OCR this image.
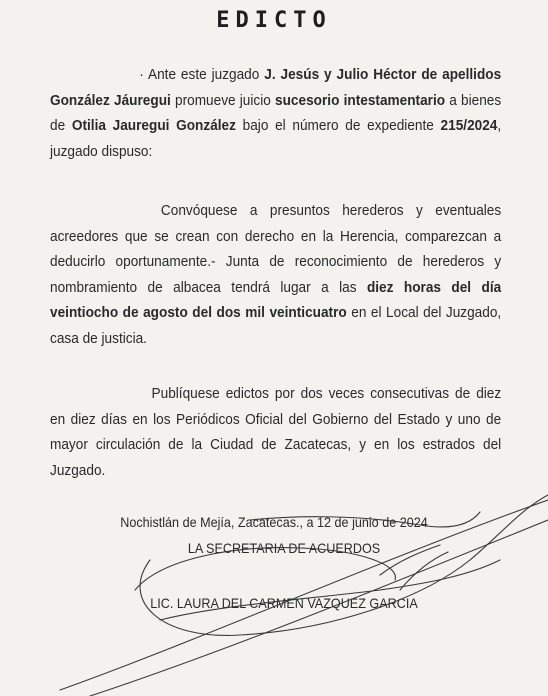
EDICTO
· Ante este juzgado J. Jesús y Julio Héctor de apellidos González Jáuregui promueve juicio sucesorio intestamentario a bienes de Otilia Jauregui González bajo el número de expediente 215/2024, juzgado dispuso:
Convóquese a presuntos herederos y eventuales acreedores que se crean con derecho en la Herencia, comparezcan a deducirlo oportunamente.- Junta de reconocimiento de herederos y nombramiento de albacea tendrá lugar a las diez horas del día veintiocho de agosto del dos mil veinticuatro en el Local del Juzgado, casa de justicia.
Publíquese edictos por dos veces consecutivas de diez en diez días en los Periódicos Oficial del Gobierno del Estado y uno de mayor circulación de la Ciudad de Zacatecas, y en los estrados del Juzgado.
Nochistlán de Mejía, Zacatecas., a 12 de junio de 2024
LA SECRETARIA DE ACUERDOS
LIC. LAURA DEL CARMEN VAZQUEZ GARCIA
